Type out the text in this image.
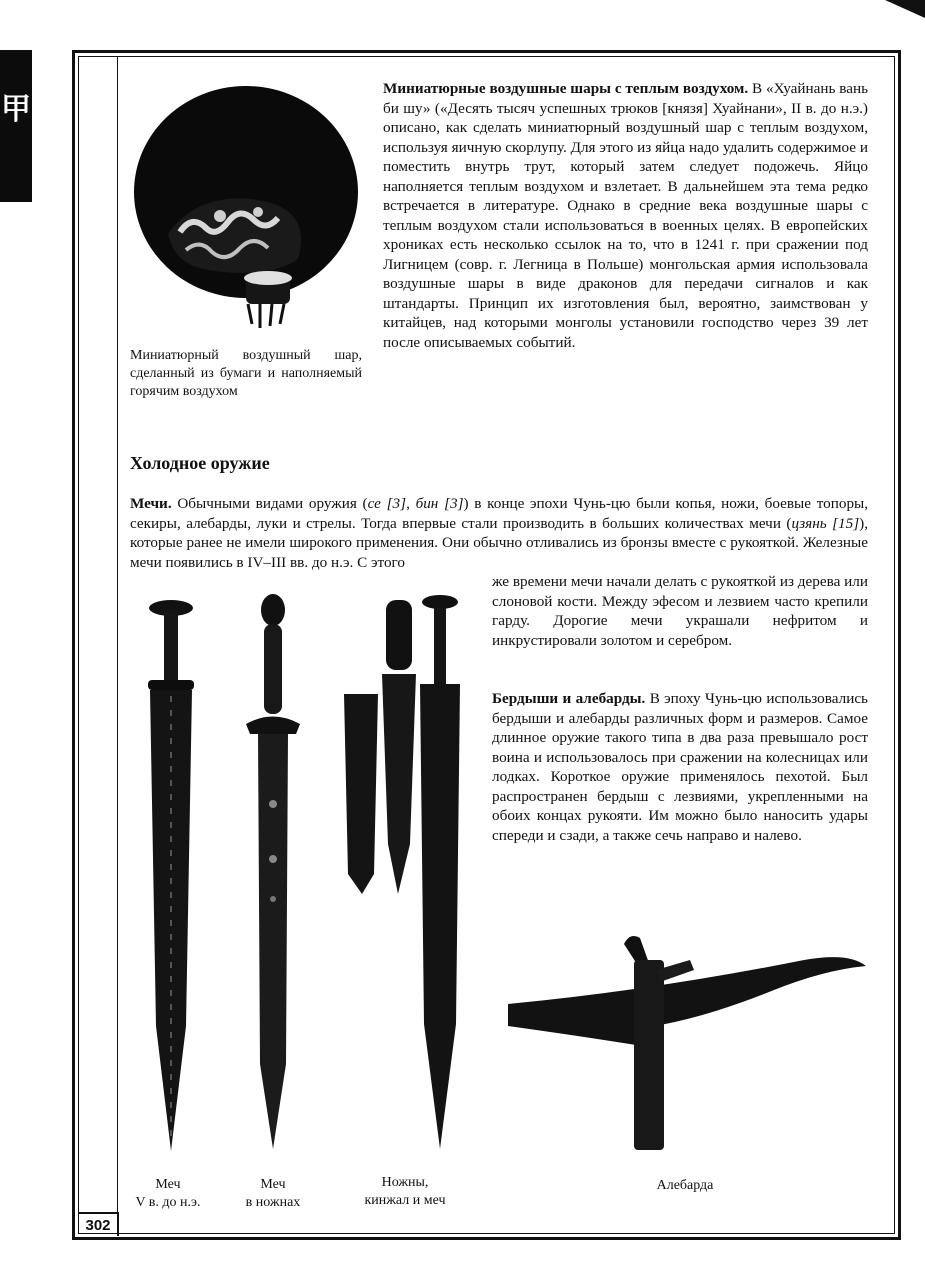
甲
Миниатюрный воздушный шар, сделанный из бумаги и наполняемый горячим воздухом
Миниатюрные воздушные шары с теплым воздухом. В «Хуайнань вань би шу» («Десять тысяч успешных трюков [князя] Хуайнани», II в. до н.э.) описано, как сделать миниатюрный воздушный шар с теплым воздухом, используя яичную скорлупу. Для этого из яйца надо удалить содержимое и поместить внутрь трут, который затем следует подожечь. Яйцо наполняется теплым воздухом и взлетает. В дальнейшем эта тема редко встречается в литературе. Однако в средние века воздушные шары с теплым воздухом стали использоваться в военных целях. В европейских хрониках есть несколько ссылок на то, что в 1241 г. при сражении под Лигницем (совр. г. Легница в Польше) монгольская армия использовала воздушные шары в виде драконов для передачи сигналов и как штандарты. Принцип их изготовления был, вероятно, заимствован у китайцев, над которыми монголы установили господство через 39 лет после описываемых событий.
Холодное оружие
Мечи. Обычными видами оружия (се [3], бин [3]) в конце эпохи Чунь-цю были копья, ножи, боевые топоры, секиры, алебарды, луки и стрелы. Тогда впервые стали производить в больших количествах мечи (цзянь [15]), которые ранее не имели широкого применения. Они обычно отливались из бронзы вместе с рукояткой. Железные мечи появились в IV–III вв. до н.э. С этого
же времени мечи начали делать с рукояткой из дерева или слоновой кости. Между эфесом и лезвием часто крепили гарду. Дорогие мечи украшали нефритом и инкрустировали золотом и серебром.
Бердыши и алебарды. В эпоху Чунь-цю использовались бердыши и алебарды различных форм и размеров. Самое длинное оружие такого типа в два раза превышало рост воина и использовалось при сражении на колесницах или лодках. Короткое оружие применялось пехотой. Был распространен бердыш с лезвиями, укрепленными на обоих концах рукояти. Им можно было наносить удары спереди и сзади, а также сечь направо и налево.
Меч
V в. до н.э.
Меч
в ножнах
Ножны,
кинжал и меч
Алебарда
302
